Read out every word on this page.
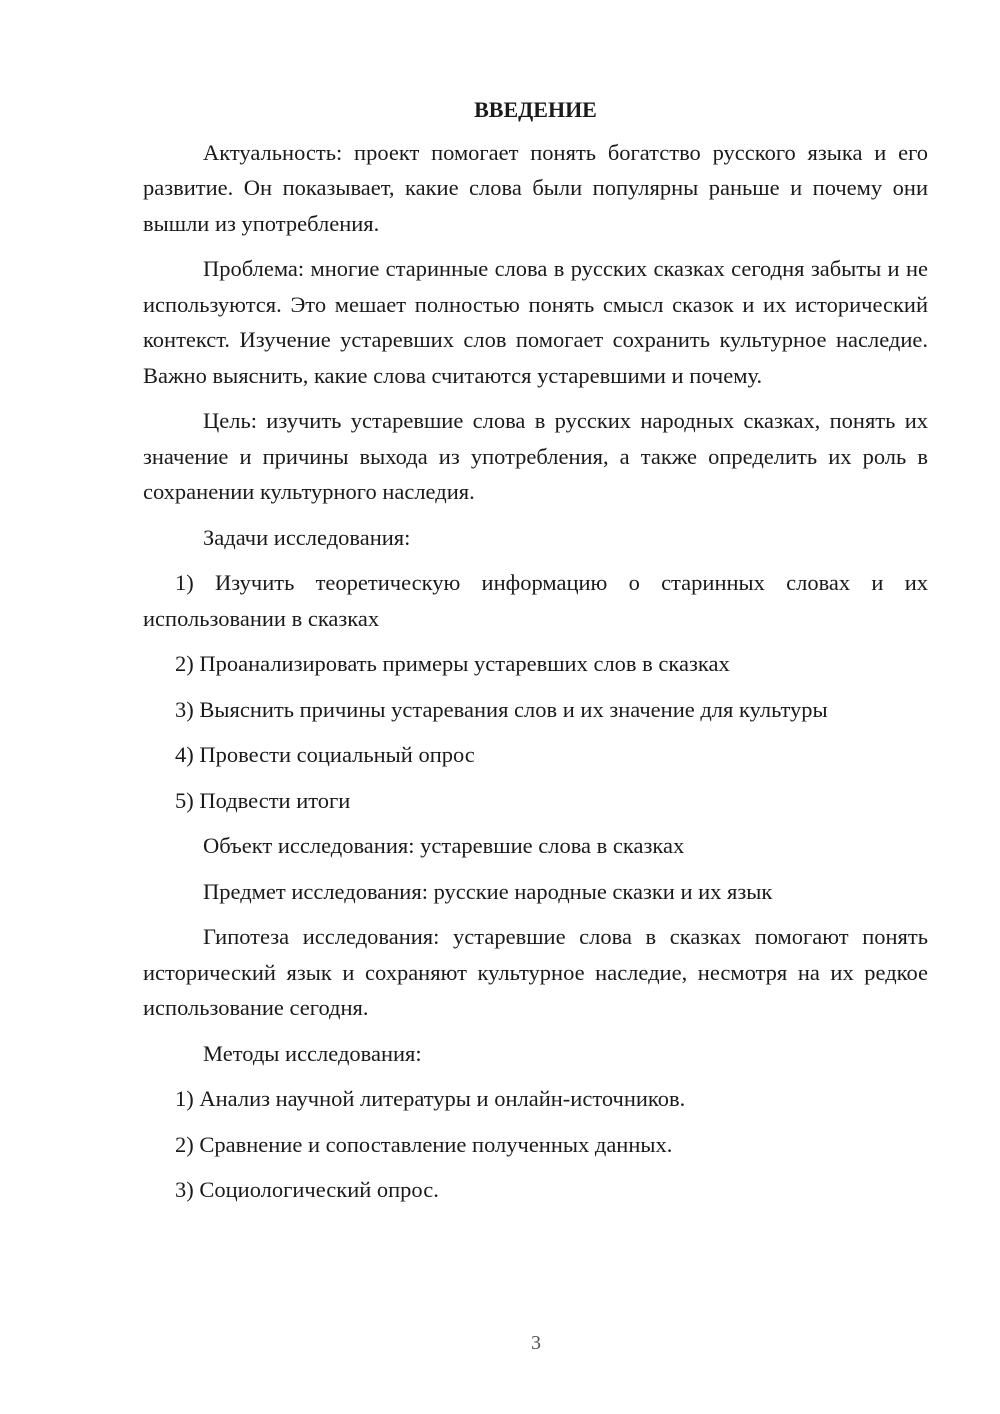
ВВЕДЕНИЕ

Актуальность: проект помогает понять богатство русского языка и его развитие. Он показывает, какие слова были популярны раньше и почему они вышли из употребления.

Проблема: многие старинные слова в русских сказках сегодня забыты и не используются. Это мешает полностью понять смысл сказок и их исторический контекст. Изучение устаревших слов помогает сохранить культурное наследие. Важно выяснить, какие слова считаются устаревшими и почему.

Цель: изучить устаревшие слова в русских народных сказках, понять их значение и причины выхода из употребления, а также определить их роль в сохранении культурного наследия.

Задачи исследования:

1) Изучить теоретическую информацию о старинных словах и их использовании в сказках

2) Проанализировать примеры устаревших слов в сказках

3) Выяснить причины устаревания слов и их значение для культуры

4) Провести социальный опрос

5) Подвести итоги

Объект исследования: устаревшие слова в сказках

Предмет исследования: русские народные сказки и их язык

Гипотеза исследования: устаревшие слова в сказках помогают понять исторический язык и сохраняют культурное наследие, несмотря на их редкое использование сегодня.

Методы исследования:

1) Анализ научной литературы и онлайн-источников.

2) Сравнение и сопоставление полученных данных.

3) Социологический опрос.

3
